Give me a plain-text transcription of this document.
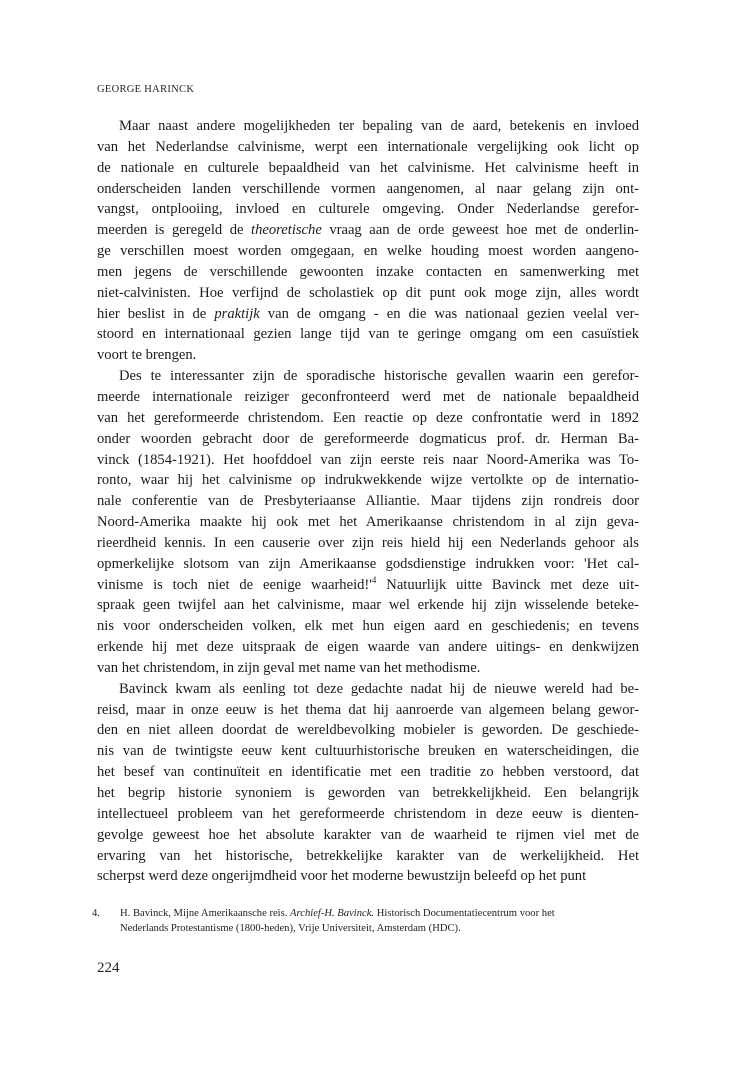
GEORGE HARINCK

Maar naast andere mogelijkheden ter bepaling van de aard, betekenis en invloed
van het Nederlandse calvinisme, werpt een internationale vergelijking ook licht op
de nationale en culturele bepaaldheid van het calvinisme. Het calvinisme heeft in
onderscheiden landen verschillende vormen aangenomen, al naar gelang zijn ont-
vangst, ontplooiing, invloed en culturele omgeving. Onder Nederlandse gerefor-
meerden is geregeld de theoretische vraag aan de orde geweest hoe met de onderlin-
ge verschillen moest worden omgegaan, en welke houding moest worden aangeno-
men jegens de verschillende gewoonten inzake contacten en samenwerking met
niet-calvinisten. Hoe verfijnd de scholastiek op dit punt ook moge zijn, alles wordt
hier beslist in de praktijk van de omgang - en die was nationaal gezien veelal ver-
stoord en internationaal gezien lange tijd van te geringe omgang om een casuïstiek
voort te brengen.

Des te interessanter zijn de sporadische historische gevallen waarin een gerefor-
meerde internationale reiziger geconfronteerd werd met de nationale bepaaldheid
van het gereformeerde christendom. Een reactie op deze confrontatie werd in 1892
onder woorden gebracht door de gereformeerde dogmaticus prof. dr. Herman Ba-
vinck (1854-1921). Het hoofddoel van zijn eerste reis naar Noord-Amerika was To-
ronto, waar hij het calvinisme op indrukwekkende wijze vertolkte op de internatio-
nale conferentie van de Presbyteriaanse Alliantie. Maar tijdens zijn rondreis door
Noord-Amerika maakte hij ook met het Amerikaanse christendom in al zijn geva-
rieerdheid kennis. In een causerie over zijn reis hield hij een Nederlands gehoor als
opmerkelijke slotsom van zijn Amerikaanse godsdienstige indrukken voor: 'Het cal-
vinisme is toch niet de eenige $waarheid!'^4$ Natuurlijk uitte Bavinck met deze uit-
spraak geen twijfel aan het calvinisme, maar wel erkende hij zijn wisselende beteke-
nis voor onderscheiden volken, elk met hun eigen aard en geschiedenis; en tevens
erkende hij met deze uitspraak de eigen waarde van andere uitings- en denkwijzen
van het christendom, in zijn geval met name van het methodisme.

Bavinck kwam als eenling tot deze gedachte nadat hij de nieuwe wereld had be-
reisd, maar in onze eeuw is het thema dat hij aanroerde van algemeen belang gewor-
den en niet alleen doordat de wereldbevolking mobieler is geworden. De geschiede-
nis van de twintigste eeuw kent cultuurhistorische breuken en waterscheidingen, die
het besef van continuïteit en identificatie met een traditie zo hebben verstoord, dat
het begrip historie synoniem is geworden van betrekkelijkheid. Een belangrijk
intellectueel probleem van het gereformeerde christendom in deze eeuw is dienten-
gevolge geweest hoe het absolute karakter van de waarheid te rijmen viel met de
ervaring van het historische, betrekkelijke karakter van de werkelijkheid. Het
scherpst werd deze ongerijmdheid voor het moderne bewustzijn beleefd op het punt

4. H. Bavinck, Mijne Amerikaansche reis. Archief-H. Bavinck. Historisch Documentatiecentrum voor het
Nederlands Protestantisme (1800-heden), Vrije Universiteit, Amsterdam (HDC).
224
